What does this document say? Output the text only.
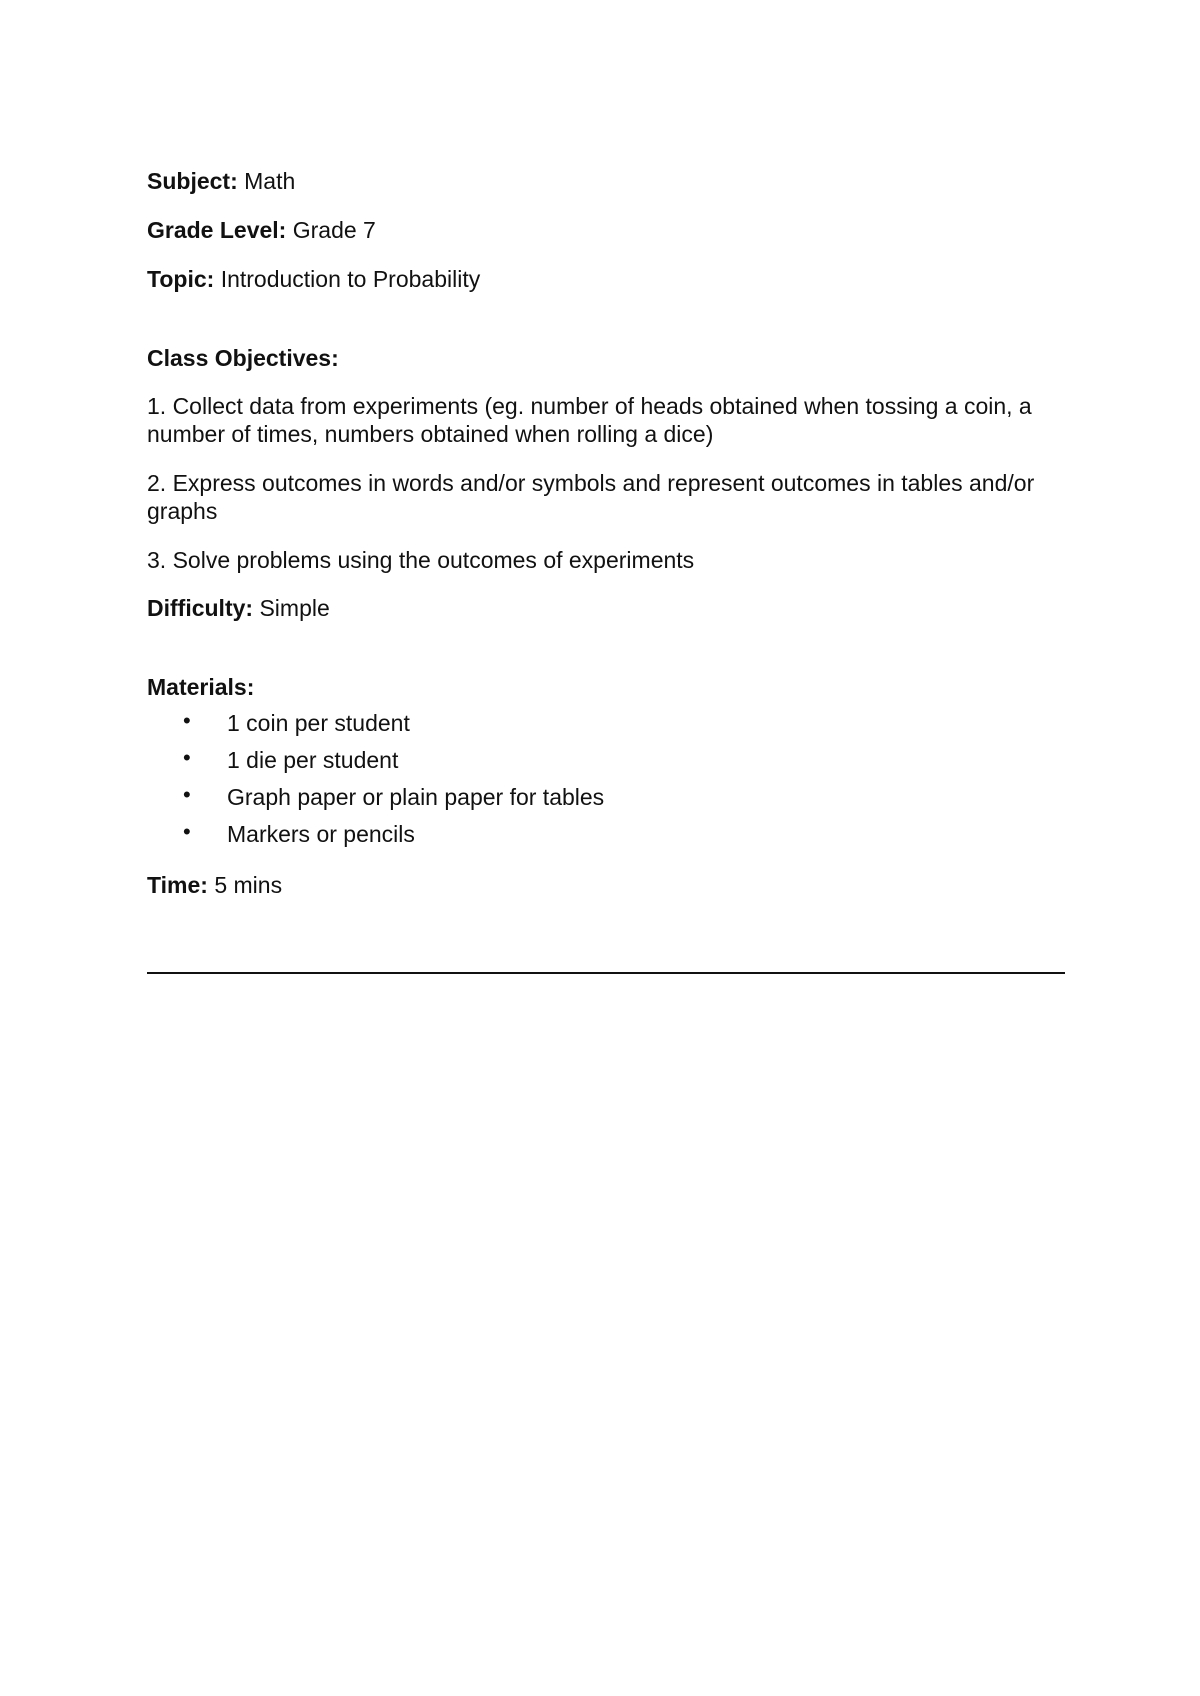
Subject: Math
Grade Level: Grade 7
Topic: Introduction to Probability
Class Objectives:
1. Collect data from experiments (eg. number of heads obtained when tossing a coin, a number of times, numbers obtained when rolling a dice)
2. Express outcomes in words and/or symbols and represent outcomes in tables and/or graphs
3. Solve problems using the outcomes of experiments
Difficulty: Simple
Materials:
• 1 coin per student
• 1 die per student
• Graph paper or plain paper for tables
• Markers or pencils
Time: 5 mins
